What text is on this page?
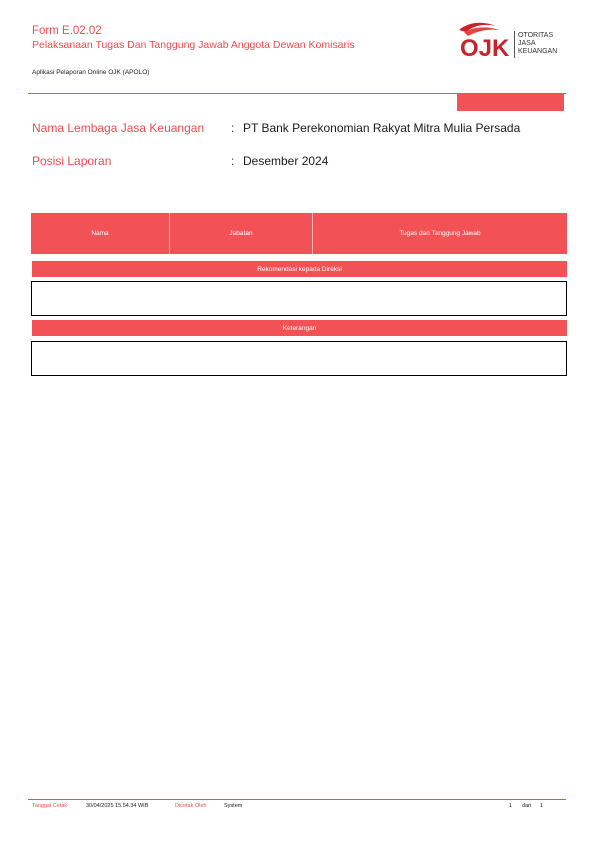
Form E.02.02
Pelaksanaan Tugas Dan Tanggung Jawab Anggota Dewan Komisaris
Aplikasi Pelaporan Online OJK (APOLO)
OJK OTORITAS
JASA
KEUANGAN
Nama Lembaga Jasa Keuangan : PT Bank Perekonomian Rakyat Mitra Mulia Persada
Posisi Laporan	: Desember 2024
Nama	Jabatan	Tugas dan Tanggung Jawab
Rekomendasi kepada Direksi
Keterangan
Tanggal Cetak	30/04/2025 15.54.34 WIB	Dicetak Oleh	System	1 dari 1
